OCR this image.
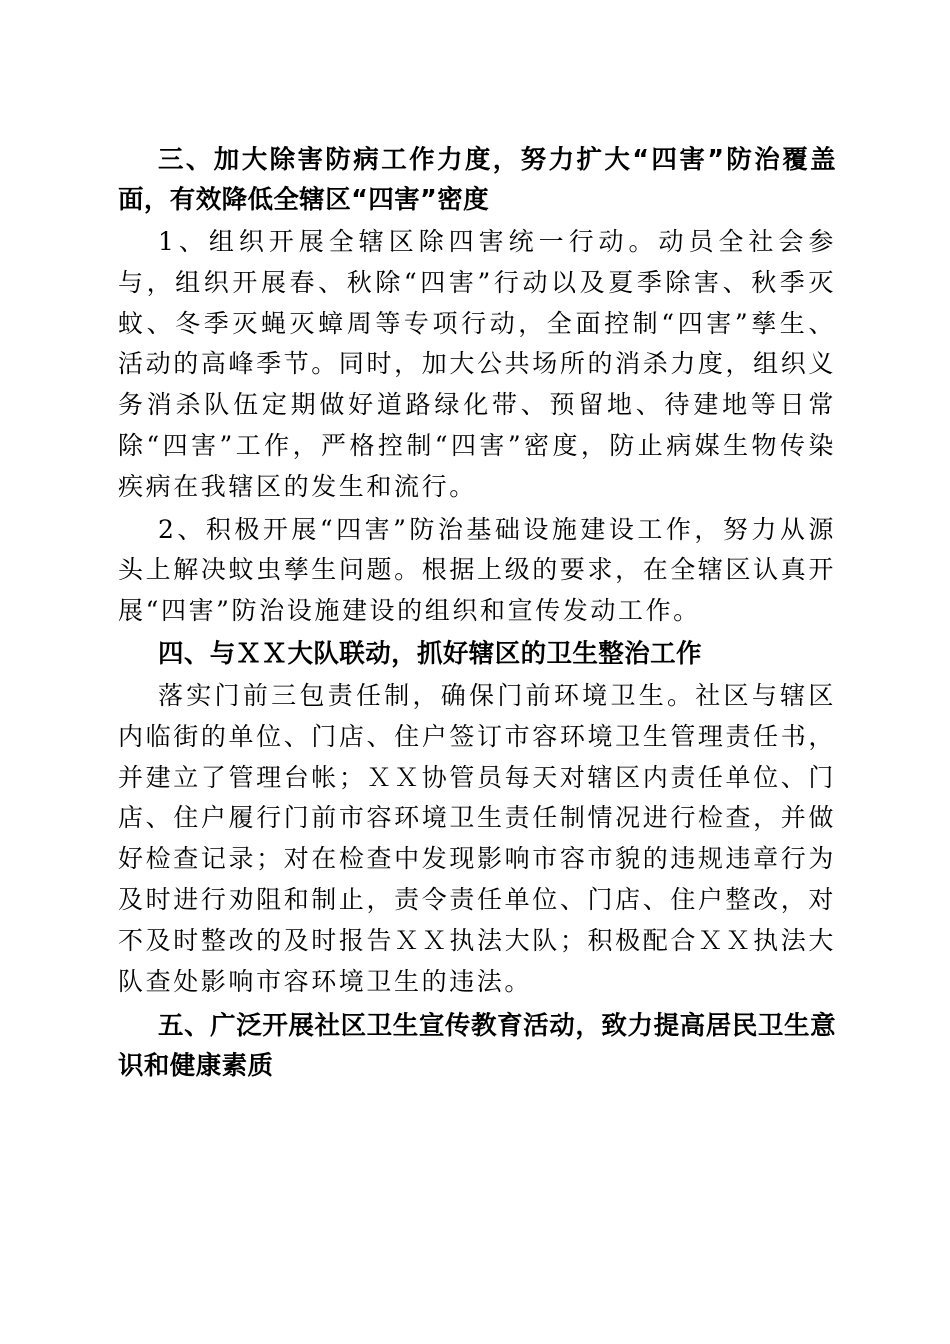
三、加大除害防病工作力度，努力扩大“四害”防治覆盖面，有效降低全辖区“四害”密度

1、组织开展全辖区除四害统一行动。动员全社会参与，组织开展春、秋除“四害”行动以及夏季除害、秋季灭蚊、冬季灭蝇灭蟑周等专项行动，全面控制“四害”孳生、活动的高峰季节。同时，加大公共场所的消杀力度，组织义务消杀队伍定期做好道路绿化带、预留地、待建地等日常除“四害”工作，严格控制“四害”密度，防止病媒生物传染疾病在我辖区的发生和流行。

2、积极开展“四害”防治基础设施建设工作，努力从源头上解决蚊虫孳生问题。根据上级的要求，在全辖区认真开展“四害”防治设施建设的组织和宣传发动工作。

四、与ＸＸ大队联动，抓好辖区的卫生整治工作

落实门前三包责任制，确保门前环境卫生。社区与辖区内临街的单位、门店、住户签订市容环境卫生管理责任书，并建立了管理台帐；ＸＸ协管员每天对辖区内责任单位、门店、住户履行门前市容环境卫生责任制情况进行检查，并做好检查记录；对在检查中发现影响市容市貌的违规违章行为及时进行劝阻和制止，责令责任单位、门店、住户整改，对不及时整改的及时报告ＸＸ执法大队；积极配合ＸＸ执法大队查处影响市容环境卫生的违法。

五、广泛开展社区卫生宣传教育活动，致力提高居民卫生意识和健康素质
